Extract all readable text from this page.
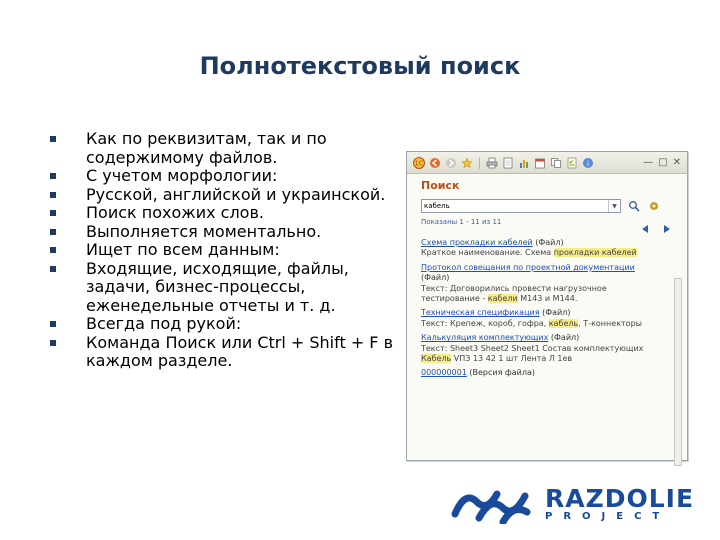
Полнотекстовый поиск
Как по реквизитам, так и по содержимому файлов.
С учетом морфологии:
Русской, английской и украинской.
Поиск похожих слов.
Выполняется моментально.
Ищет по всем данным:
Входящие, исходящие, файлы, задачи, бизнес-процессы, еженедельные отчеты и т. д.
Всегда под рукой:
Команда Поиск или Ctrl + Shift + F в каждом разделе.
1C	i	— □ ✕
Поиск
кабель
▼
Показаны 1 - 11 из 11
Схема прокладки кабелей (Файл)
Краткое наименование. Схема прокладки кабелей
Протокол совещания по проектной документации (Файл)
Текст: Договорились провести нагрузочное тестирование - кабели М143 и М144.
Техническая спецификация (Файл)
Текст: Крепеж, короб, гофра, кабель, Т-коннекторы
Калькуляция комплектующих (Файл)
Текст: Sheet3 Sheet2 Sheet1 Состав комплектующих Кабель VПЗ 13 42 1 шт Лента Л 1ев
000000001 (Версия файла)
RAZDOLIE
PROJECT
